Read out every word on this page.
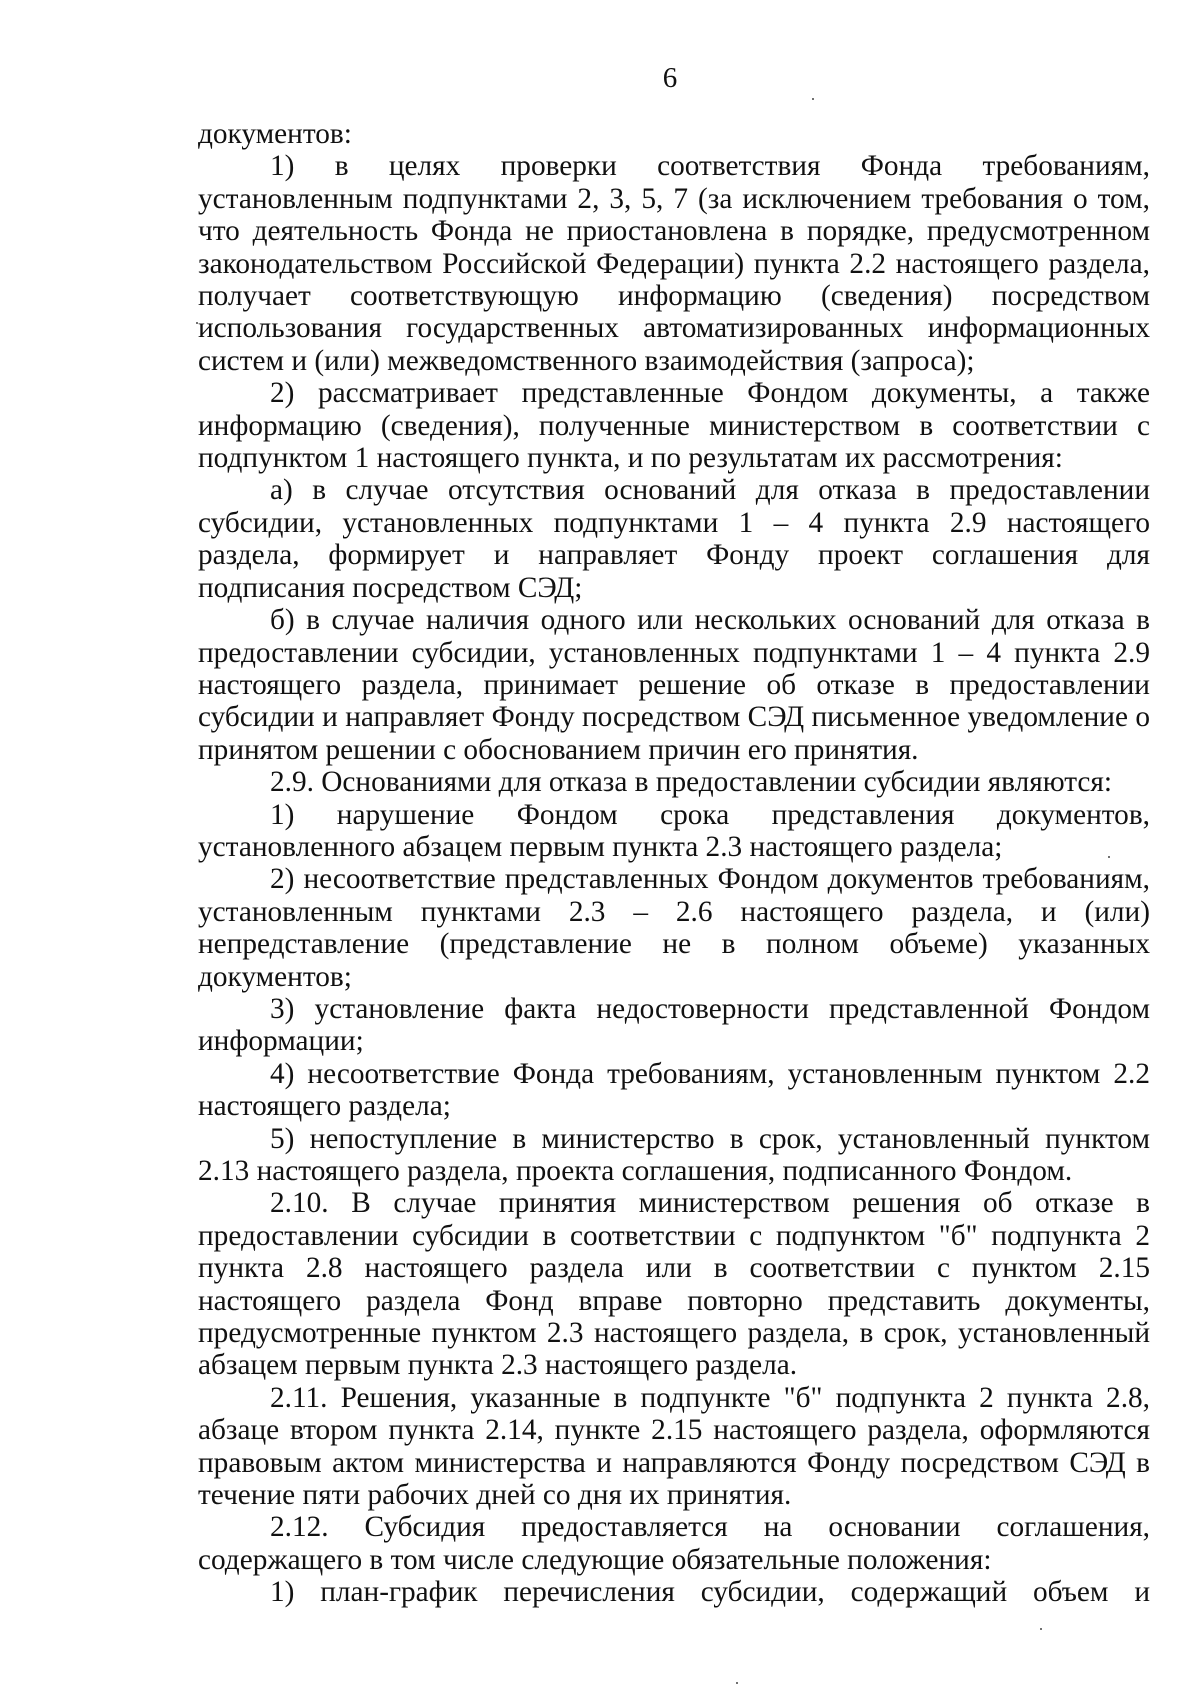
6

документов:

1) в целях проверки соответствия Фонда требованиям, установленным подпунктами 2, 3, 5, 7 (за исключением требования о том, что деятельность Фонда не приостановлена в порядке, предусмотренном законодательством Российской Федерации) пункта 2.2 настоящего раздела, получает соответствующую информацию (сведения) посредством использования государственных автоматизированных информационных систем и (или) межведомственного взаимодействия (запроса);

2) рассматривает представленные Фондом документы, а также информацию (сведения), полученные министерством в соответствии с подпунктом 1 настоящего пункта, и по результатам их рассмотрения:

а) в случае отсутствия оснований для отказа в предоставлении субсидии, установленных подпунктами 1 – 4 пункта 2.9 настоящего раздела, формирует и направляет Фонду проект соглашения для подписания посредством СЭД;

б) в случае наличия одного или нескольких оснований для отказа в предоставлении субсидии, установленных подпунктами 1 – 4 пункта 2.9 настоящего раздела, принимает решение об отказе в предоставлении субсидии и направляет Фонду посредством СЭД письменное уведомление о принятом решении с обоснованием причин его принятия.

2.9. Основаниями для отказа в предоставлении субсидии являются:

1) нарушение Фондом срока представления документов, установленного абзацем первым пункта 2.3 настоящего раздела;

2) несоответствие представленных Фондом документов требованиям, установленным пунктами 2.3 – 2.6 настоящего раздела, и (или) непредставление (представление не в полном объеме) указанных документов;

3) установление факта недостоверности представленной Фондом информации;

4) несоответствие Фонда требованиям, установленным пунктом 2.2 настоящего раздела;

5) непоступление в министерство в срок, установленный пунктом 2.13 настоящего раздела, проекта соглашения, подписанного Фондом.

2.10. В случае принятия министерством решения об отказе в предоставлении субсидии в соответствии с подпунктом "б" подпункта 2 пункта 2.8 настоящего раздела или в соответствии с пунктом 2.15 настоящего раздела Фонд вправе повторно представить документы, предусмотренные пунктом 2.3 настоящего раздела, в срок, установленный абзацем первым пункта 2.3 настоящего раздела.

2.11. Решения, указанные в подпункте "б" подпункта 2 пункта 2.8, абзаце втором пункта 2.14, пункте 2.15 настоящего раздела, оформляются правовым актом министерства и направляются Фонду посредством СЭД в течение пяти рабочих дней со дня их принятия.

2.12. Субсидия предоставляется на основании соглашения, содержащего в том числе следующие обязательные положения:

1) план-график перечисления субсидии, содержащий объем и
